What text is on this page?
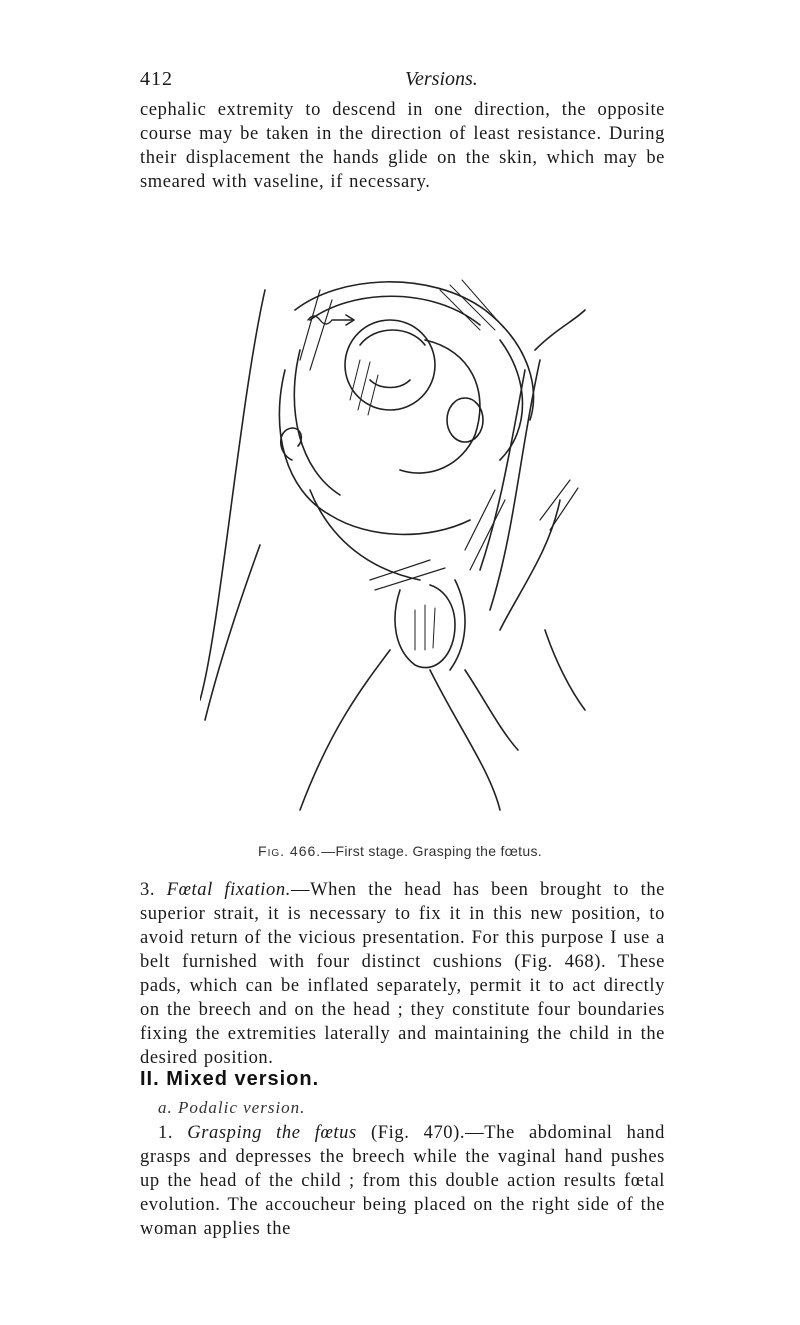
412	Versions.
cephalic extremity to descend in one direction, the opposite course may be taken in the direction of least resistance. During their displacement the hands glide on the skin, which may be smeared with vaseline, if necessary.
Fig. 466.—First stage. Grasping the fœtus.
3. Fœtal fixation.—When the head has been brought to the superior strait, it is necessary to fix it in this new position, to avoid return of the vicious presentation. For this purpose I use a belt furnished with four distinct cushions (Fig. 468). These pads, which can be inflated separately, permit it to act directly on the breech and on the head ; they constitute four boundaries fixing the extremities laterally and maintaining the child in the desired position.
II. Mixed version.
a. Podalic version.
1. Grasping the fœtus (Fig. 470).—The abdominal hand grasps and depresses the breech while the vaginal hand pushes up the head of the child ; from this double action results fœtal evolution. The accoucheur being placed on the right side of the woman applies the
